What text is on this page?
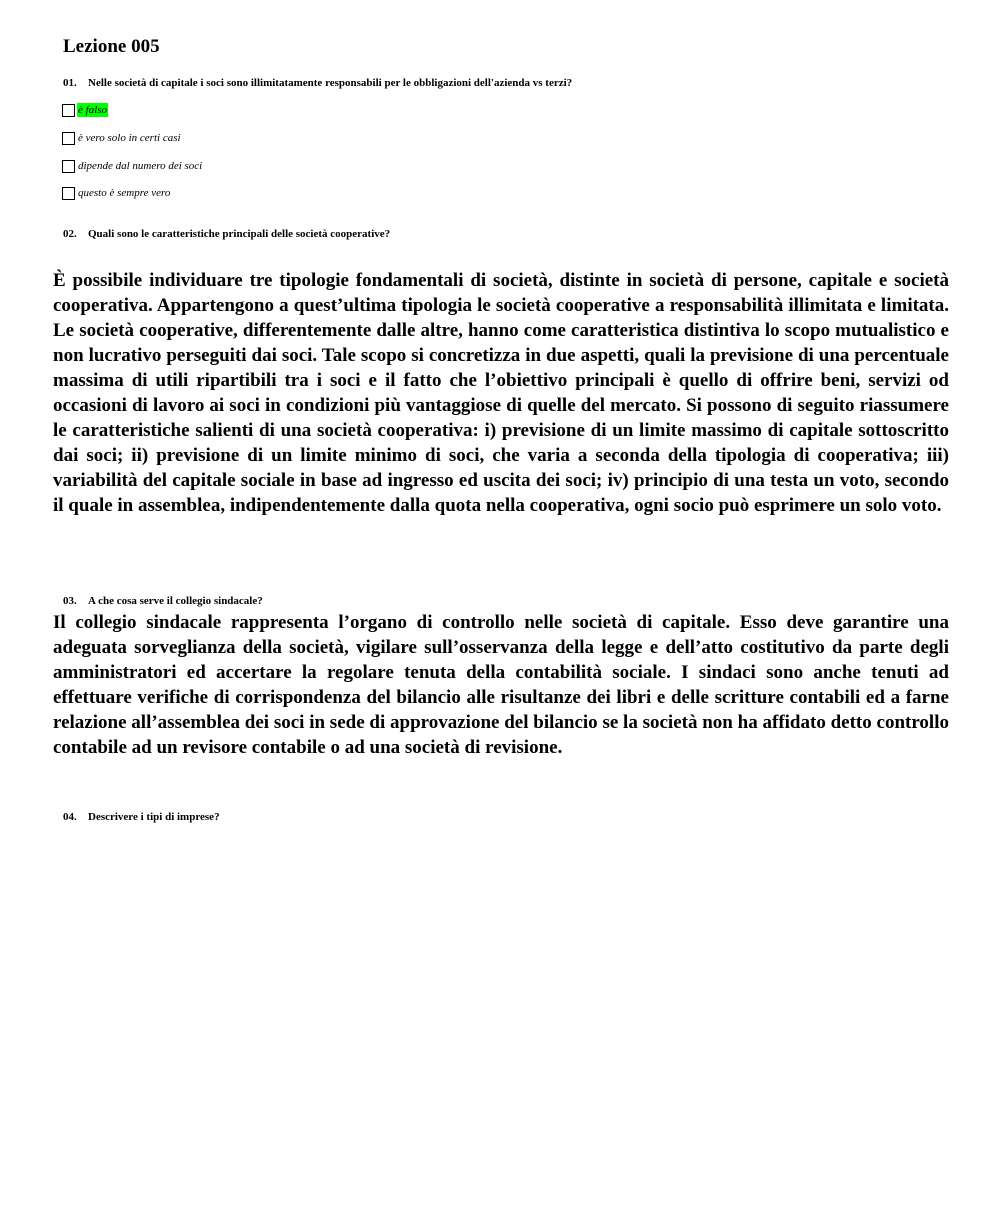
Lezione 005
01. Nelle società di capitale i soci sono illimitatamente responsabili per le obbligazioni dell'azienda vs terzi?
è falso
è vero solo in certi casi
dipende dal numero dei soci
questo è sempre vero
02. Quali sono le caratteristiche principali delle società cooperative?

È possibile individuare tre tipologie fondamentali di società, distinte in società di persone, capitale e società cooperativa. Appartengono a quest’ultima tipologia le società cooperative a responsabilità illimitata e limitata. Le società cooperative, differentemente dalle altre, hanno come caratteristica distintiva lo scopo mutualistico e non lucrativo perseguiti dai soci. Tale scopo si concretizza in due aspetti, quali la previsione di una percentuale massima di utili ripartibili tra i soci e il fatto che l’obiettivo principali è quello di offrire beni, servizi od occasioni di lavoro ai soci in condizioni più vantaggiose di quelle del mercato. Si possono di seguito riassumere le caratteristiche salienti di una società cooperativa: i) previsione di un limite massimo di capitale sottoscritto dai soci; ii) previsione di un limite minimo di soci, che varia a seconda della tipologia di cooperativa; iii) variabilità del capitale sociale in base ad ingresso ed uscita dei soci; iv) principio di una testa un voto, secondo il quale in assemblea, indipendentemente dalla quota nella cooperativa, ogni socio può esprimere un solo voto.

03. A che cosa serve il collegio sindacale?

Il collegio sindacale rappresenta l’organo di controllo nelle società di capitale. Esso deve garantire una adeguata sorveglianza della società, vigilare sull’osservanza della legge e dell’atto costitutivo da parte degli amministratori ed accertare la regolare tenuta della contabilità sociale. I sindaci sono anche tenuti ad effettuare verifiche di corrispondenza del bilancio alle risultanze dei libri e delle scritture contabili ed a farne relazione all’assemblea dei soci in sede di approvazione del bilancio se la società non ha affidato detto controllo contabile ad un revisore contabile o ad una società di revisione.

04. Descrivere i tipi di imprese?
